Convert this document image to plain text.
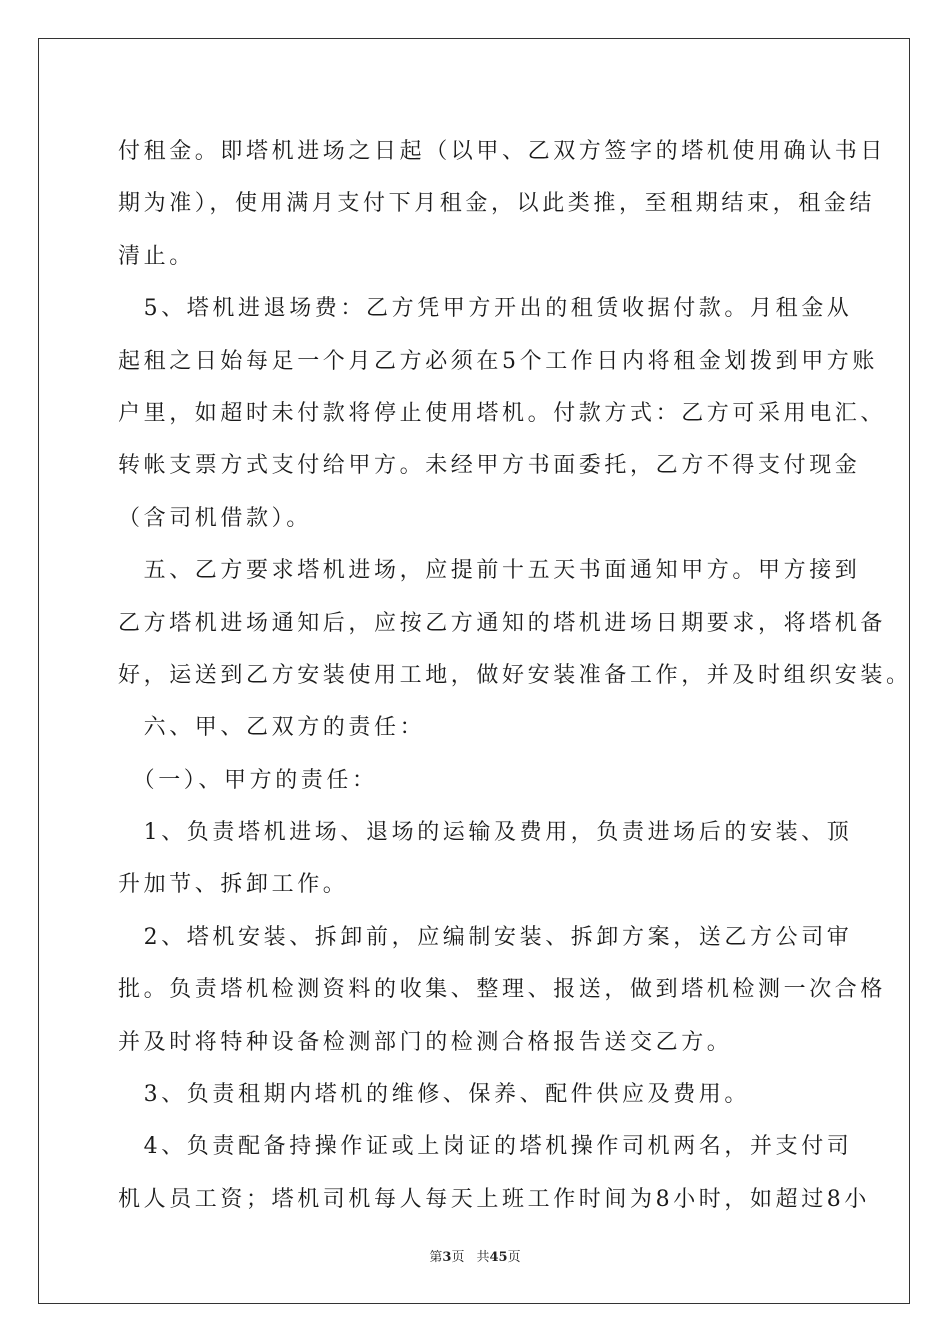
付租金。即塔机进场之日起（以甲、乙双方签字的塔机使用确认书日
期为准），使用满月支付下月租金，以此类推，至租期结束，租金结
清止。
　5、塔机进退场费：乙方凭甲方开出的租赁收据付款。月租金从
起租之日始每足一个月乙方必须在5个工作日内将租金划拨到甲方账
户里，如超时未付款将停止使用塔机。付款方式：乙方可采用电汇、
转帐支票方式支付给甲方。未经甲方书面委托，乙方不得支付现金
（含司机借款）。
　五、乙方要求塔机进场，应提前十五天书面通知甲方。甲方接到
乙方塔机进场通知后，应按乙方通知的塔机进场日期要求，将塔机备
好，运送到乙方安装使用工地，做好安装准备工作，并及时组织安装。
　六、甲、乙双方的责任：
　（一）、甲方的责任：
　1、负责塔机进场、退场的运输及费用，负责进场后的安装、顶
升加节、拆卸工作。
　2、塔机安装、拆卸前，应编制安装、拆卸方案，送乙方公司审
批。负责塔机检测资料的收集、整理、报送，做到塔机检测一次合格
并及时将特种设备检测部门的检测合格报告送交乙方。
　3、负责租期内塔机的维修、保养、配件供应及费用。
　4、负责配备持操作证或上岗证的塔机操作司机两名，并支付司
机人员工资；塔机司机每人每天上班工作时间为8小时，如超过8小
第3页 共45页
